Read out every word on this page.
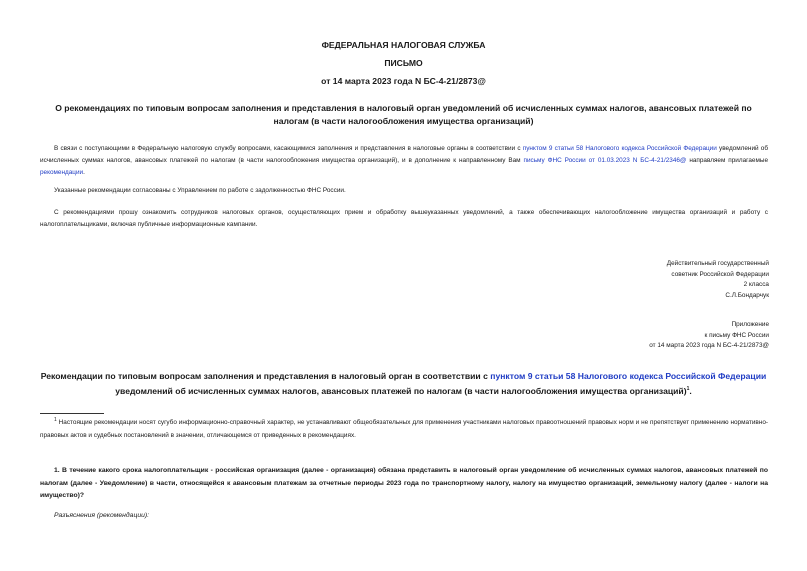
ФЕДЕРАЛЬНАЯ НАЛОГОВАЯ СЛУЖБА
ПИСЬМО
от 14 марта 2023 года N БС-4-21/2873@
О рекомендациях по типовым вопросам заполнения и представления в налоговый орган уведомлений об исчисленных суммах налогов, авансовых платежей по налогам (в части налогообложения имущества организаций)
В связи с поступающими в Федеральную налоговую службу вопросами, касающимися заполнения и представления в налоговые органы в соответствии с пунктом 9 статьи 58 Налогового кодекса Российской Федерации уведомлений об исчисленных суммах налогов, авансовых платежей по налогам (в части налогообложения имущества организаций), и в дополнение к направленному Вам письму ФНС России от 01.03.2023 N БС-4-21/2346@ направляем прилагаемые рекомендации.
Указанные рекомендации согласованы с Управлением по работе с задолженностью ФНС России.
С рекомендациями прошу ознакомить сотрудников налоговых органов, осуществляющих прием и обработку вышеуказанных уведомлений, а также обеспечивающих налогообложение имущества организаций и работу с налогоплательщиками, включая публичные информационные кампании.
Действительный государственный
советник Российской Федерации
2 класса
С.Л.Бондарчук
Приложение
к письму ФНС России
от 14 марта 2023 года N БС-4-21/2873@
Рекомендации по типовым вопросам заполнения и представления в налоговый орган в соответствии с пунктом 9 статьи 58 Налогового кодекса Российской Федерации уведомлений об исчисленных суммах налогов, авансовых платежей по налогам (в части налогообложения имущества организаций)$^1$.
$^1$ Настоящие рекомендации носят сугубо информационно-справочный характер, не устанавливают общеобязательных для применения участниками налоговых правоотношений правовых норм и не препятствует применению нормативно-правовых актов и судебных постановлений в значении, отличающемся от приведенных в рекомендациях.
1. В течение какого срока налогоплательщик - российская организация (далее - организация) обязана представить в налоговый орган уведомление об исчисленных суммах налогов, авансовых платежей по налогам (далее - Уведомление) в части, относящейся к авансовым платежам за отчетные периоды 2023 года по транспортному налогу, налогу на имущество организаций, земельному налогу (далее - налоги на имущество)?
Разъяснения (рекомендации):
